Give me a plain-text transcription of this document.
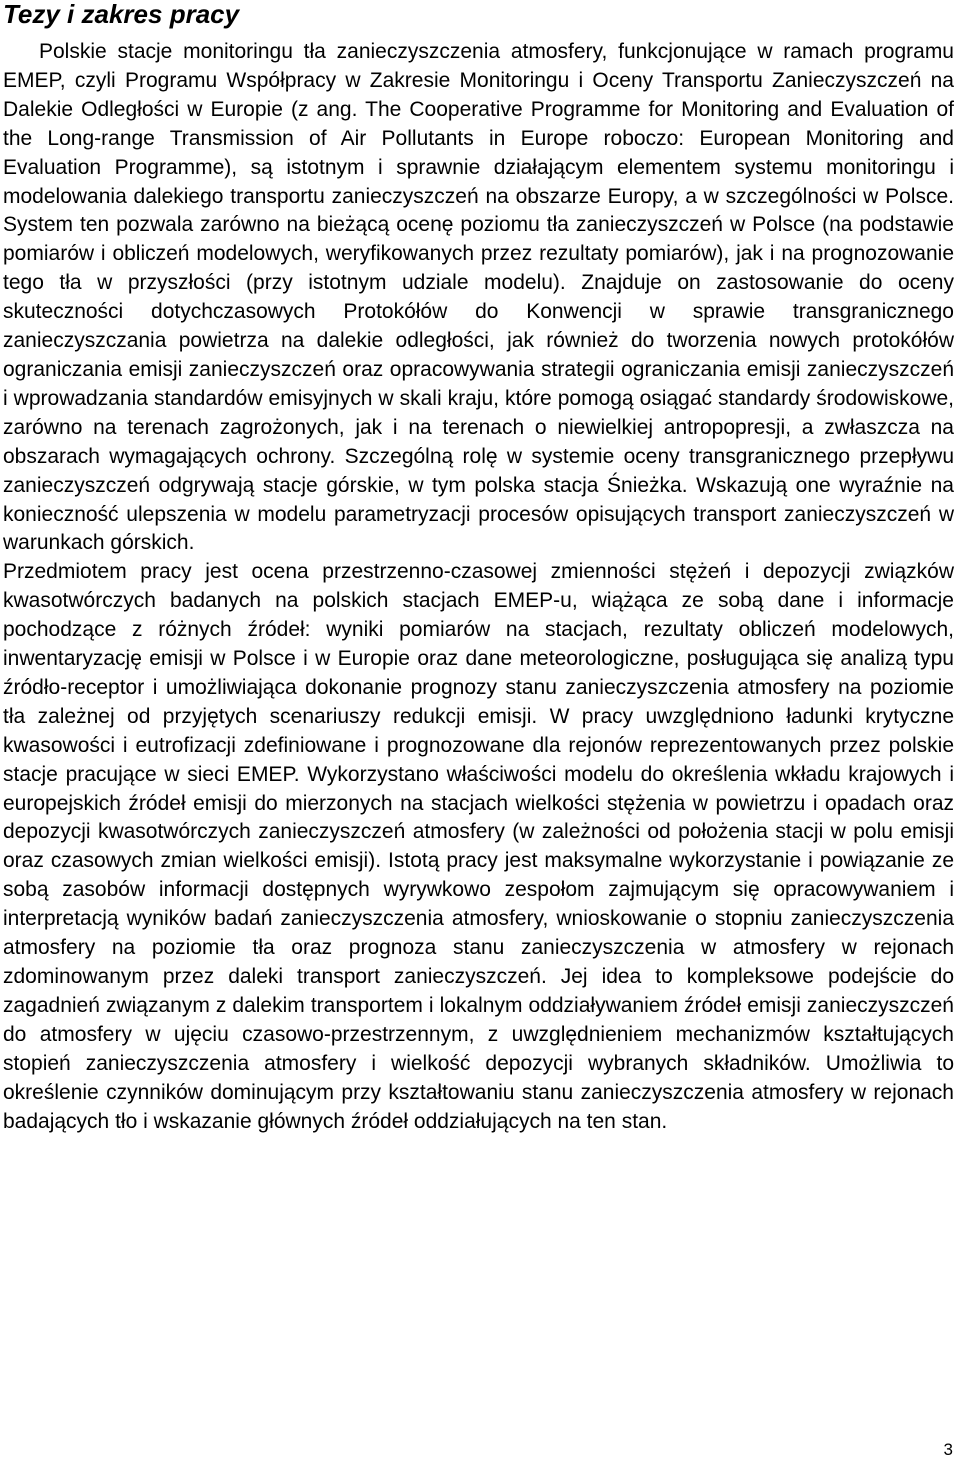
Tezy i zakres pracy

Polskie stacje monitoringu tła zanieczyszczenia atmosfery, funkcjonujące w ramach programu EMEP, czyli Programu Współpracy w Zakresie Monitoringu i Oceny Transportu Zanieczyszczeń na Dalekie Odległości w Europie (z ang. The Cooperative Programme for Monitoring and Evaluation of the Long-range Transmission of Air Pollutants in Europe roboczo: European Monitoring and Evaluation Programme), są istotnym i sprawnie działającym elementem systemu monitoringu i modelowania dalekiego transportu zanieczyszczeń na obszarze Europy, a w szczególności w Polsce. System ten pozwala zarówno na bieżącą ocenę poziomu tła zanieczyszczeń w Polsce (na podstawie pomiarów i obliczeń modelowych, weryfikowanych przez rezultaty pomiarów), jak i na prognozowanie tego tła w przyszłości (przy istotnym udziale modelu). Znajduje on zastosowanie do oceny skuteczności dotychczasowych Protokółów do Konwencji w sprawie transgranicznego zanieczyszczania powietrza na dalekie odległości, jak również do tworzenia nowych protokółów ograniczania emisji zanieczyszczeń oraz opracowywania strategii ograniczania emisji zanieczyszczeń i wprowadzania standardów emisyjnych w skali kraju, które pomogą osiągać standardy środowiskowe, zarówno na terenach zagrożonych, jak i na terenach o niewielkiej antropopresji, a zwłaszcza na obszarach wymagających ochrony. Szczególną rolę w systemie oceny transgranicznego przepływu zanieczyszczeń odgrywają stacje górskie, w tym polska stacja Śnieżka. Wskazują one wyraźnie na konieczność ulepszenia w modelu parametryzacji procesów opisujących transport zanieczyszczeń w warunkach górskich.

Przedmiotem pracy jest ocena przestrzenno-czasowej zmienności stężeń i depozycji związków kwasotwórczych badanych na polskich stacjach EMEP-u, wiążąca ze sobą dane i informacje pochodzące z różnych źródeł: wyniki pomiarów na stacjach, rezultaty obliczeń modelowych, inwentaryzację emisji w Polsce i w Europie oraz dane meteorologiczne, posługująca się analizą typu źródło-receptor i umożliwiająca dokonanie prognozy stanu zanieczyszczenia atmosfery na poziomie tła zależnej od przyjętych scenariuszy redukcji emisji. W pracy uwzględniono ładunki krytyczne kwasowości i eutrofizacji zdefiniowane i prognozowane dla rejonów reprezentowanych przez polskie stacje pracujące w sieci EMEP. Wykorzystano właściwości modelu do określenia wkładu krajowych i europejskich źródeł emisji do mierzonych na stacjach wielkości stężenia w powietrzu i opadach oraz depozycji kwasotwórczych zanieczyszczeń atmosfery (w zależności od położenia stacji w polu emisji oraz czasowych zmian wielkości emisji). Istotą pracy jest maksymalne wykorzystanie i powiązanie ze sobą zasobów informacji dostępnych wyrywkowo zespołom zajmującym się opracowywaniem i interpretacją wyników badań zanieczyszczenia atmosfery, wnioskowanie o stopniu zanieczyszczenia atmosfery na poziomie tła oraz prognoza stanu zanieczyszczenia w atmosfery w rejonach zdominowanym przez daleki transport zanieczyszczeń. Jej idea to kompleksowe podejście do zagadnień związanym z dalekim transportem i lokalnym oddziaływaniem źródeł emisji zanieczyszczeń do atmosfery w ujęciu czasowo-przestrzennym, z uwzględnieniem mechanizmów kształtujących stopień zanieczyszczenia atmosfery i wielkość depozycji wybranych składników. Umożliwia to określenie czynników dominującym przy kształtowaniu stanu zanieczyszczenia atmosfery w rejonach badających tło i wskazanie głównych źródeł oddziałujących na ten stan.

3
